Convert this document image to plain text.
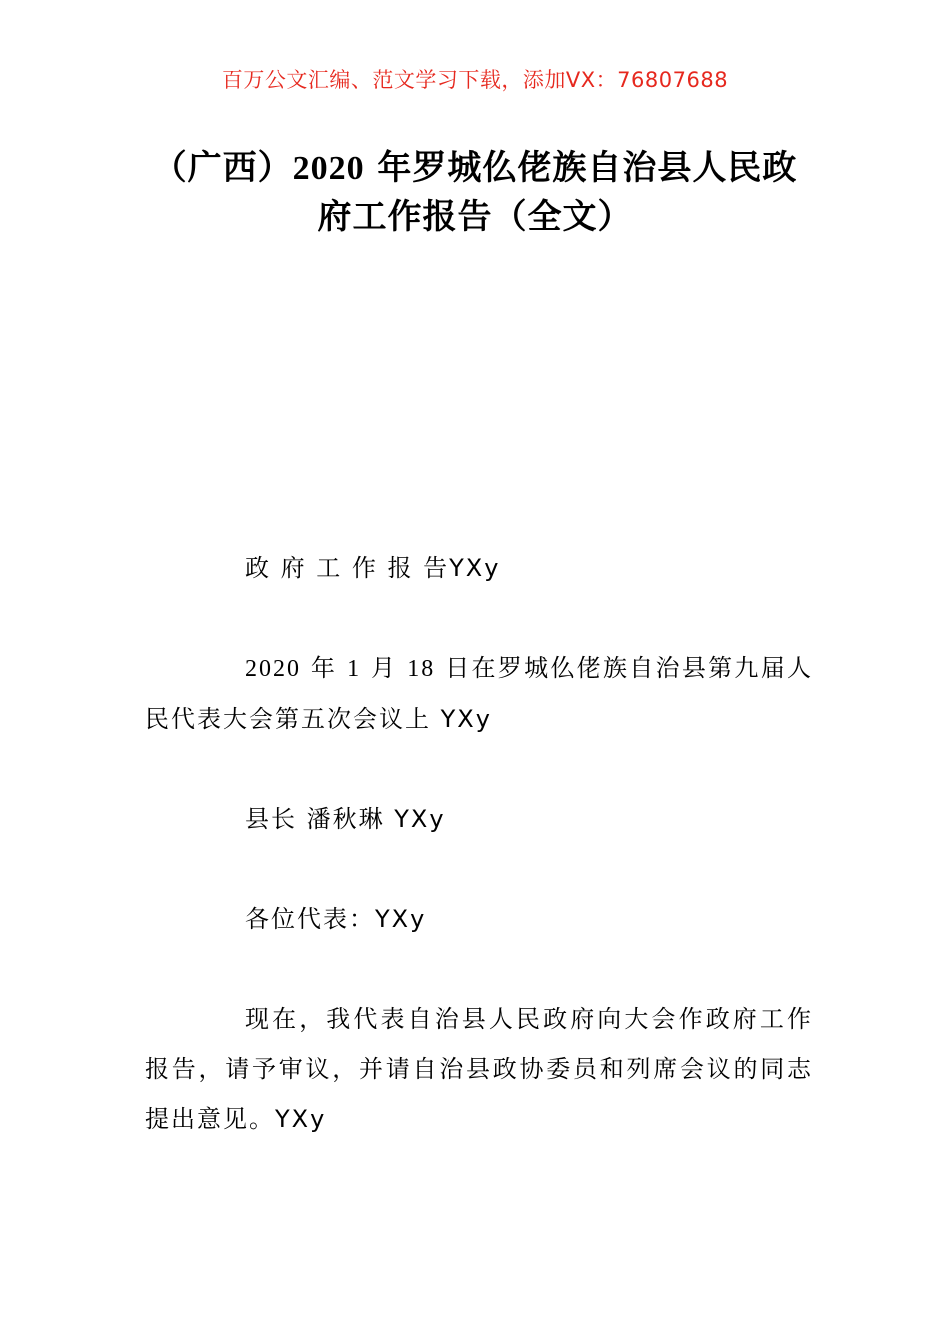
百万公文汇编、范文学习下载，添加VX：76807688
（广西）2020 年罗城仫佬族自治县人民政府工作报告（全文）

政 府 工 作 报 告YXy

2020 年 1 月 18 日在罗城仫佬族自治县第九届人民代表大会第五次会议上 YXy

县长 潘秋琳 YXy

各位代表：YXy

现在，我代表自治县人民政府向大会作政府工作报告，请予审议，并请自治县政协委员和列席会议的同志提出意见。YXy
